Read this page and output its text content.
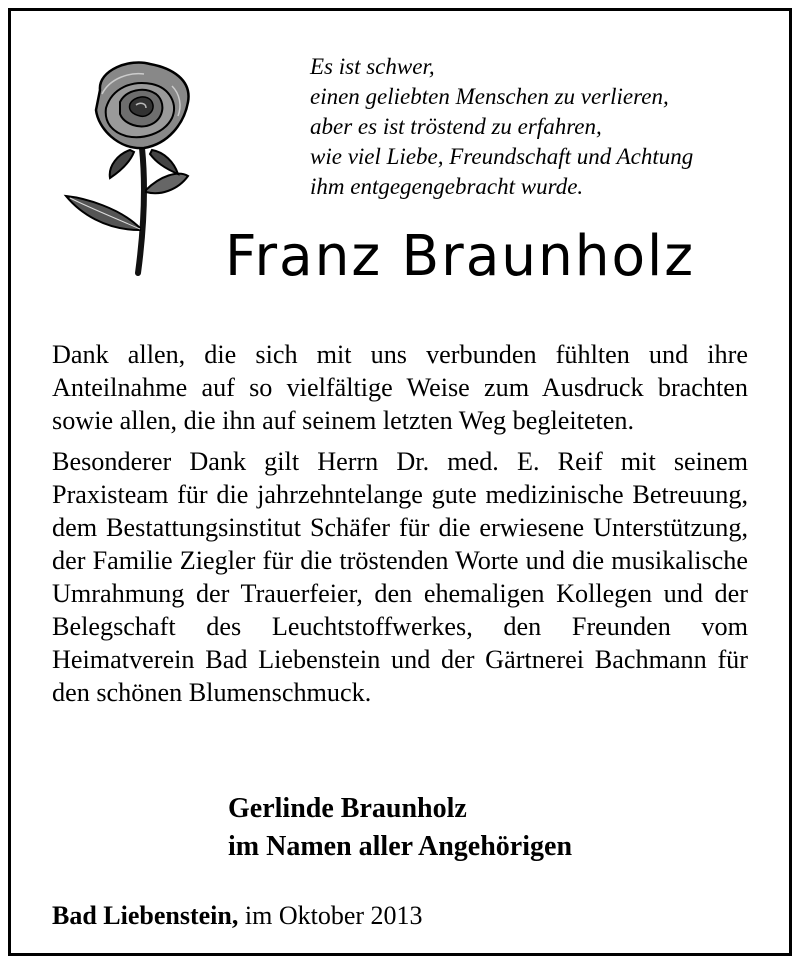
Es ist schwer,
einen geliebten Menschen zu verlieren,
aber es ist tröstend zu erfahren,
wie viel Liebe, Freundschaft und Achtung
ihm entgegengebracht wurde.
Franz Braunholz

Dank allen, die sich mit uns verbunden fühlten und ihre Anteilnahme auf so vielfältige Weise zum Ausdruck brachten sowie allen, die ihn auf seinem letzten Weg begleiteten.

Besonderer Dank gilt Herrn Dr. med. E. Reif mit seinem Praxisteam für die jahrzehntelange gute medizinische Betreuung, dem Bestattungsinstitut Schäfer für die erwiesene Unterstützung, der Familie Ziegler für die tröstenden Worte und die musikalische Umrahmung der Trauerfeier, den ehemaligen Kollegen und der Belegschaft des Leuchtstoffwerkes, den Freunden vom Heimatverein Bad Liebenstein und der Gärtnerei Bachmann für den schönen Blumenschmuck.

Gerlinde Braunholz
im Namen aller Angehörigen
Bad Liebenstein, im Oktober 2013
